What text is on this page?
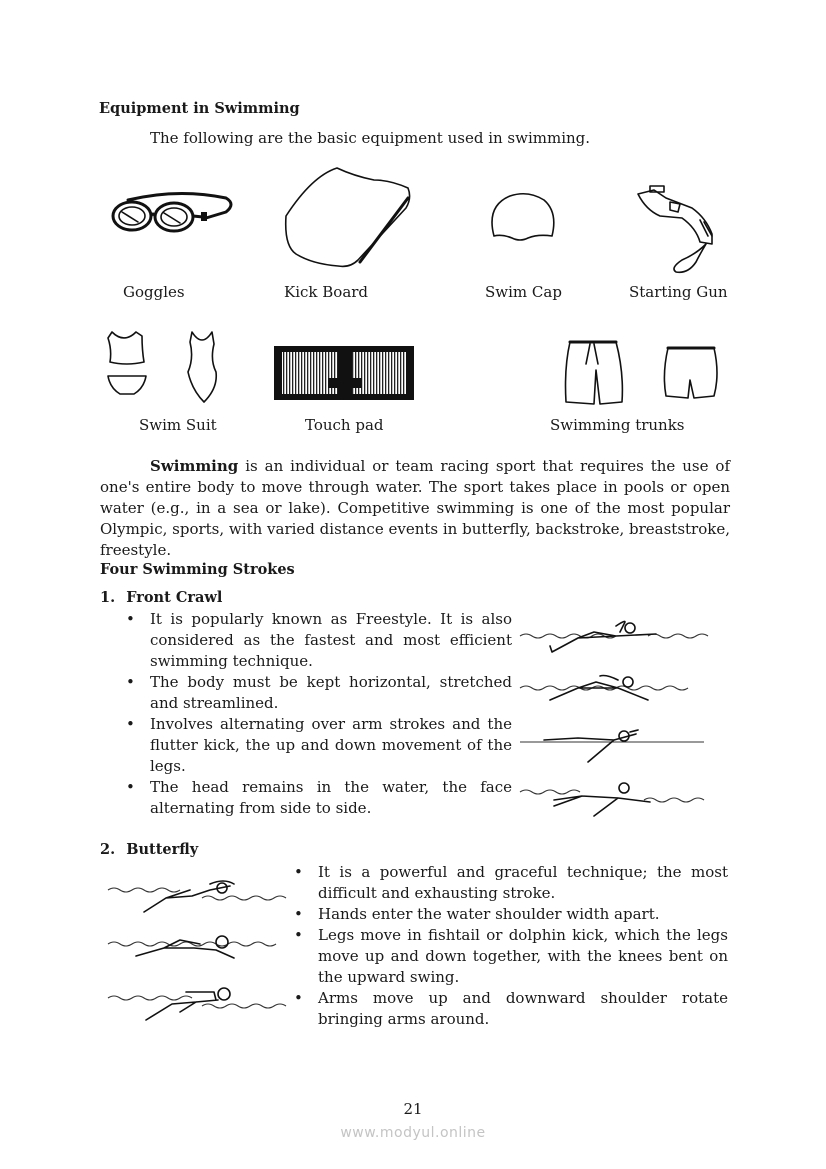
Equipment in Swimming
The following are the basic equipment used in swimming.
Goggles	Kick Board	Swim Cap	Starting Gun
Swim Suit	Touch pad	Swimming trunks
Swimming is an individual or team racing sport that requires the use of one's entire body to move through water. The sport takes place in pools or open water (e.g., in a sea or lake). Competitive swimming is one of the most popular Olympic, sports, with varied distance events in butterfly, backstroke, breaststroke, freestyle.
Four Swimming Strokes
1. Front Crawl
• It is popularly known as Freestyle. It is also considered as the fastest and most efficient swimming technique.
• The body must be kept horizontal, stretched and streamlined.
• Involves alternating over arm strokes and the flutter kick, the up and down movement of the legs.
• The head remains in the water, the face alternating from side to side.
2. Butterfly
• It is a powerful and graceful technique; the most difficult and exhausting stroke.
• Hands enter the water shoulder width apart.
• Legs move in fishtail or dolphin kick, which the legs move up and down together, with the knees bent on the upward swing.
• Arms move up and downward shoulder rotate bringing arms around.
21
www.modyul.online
